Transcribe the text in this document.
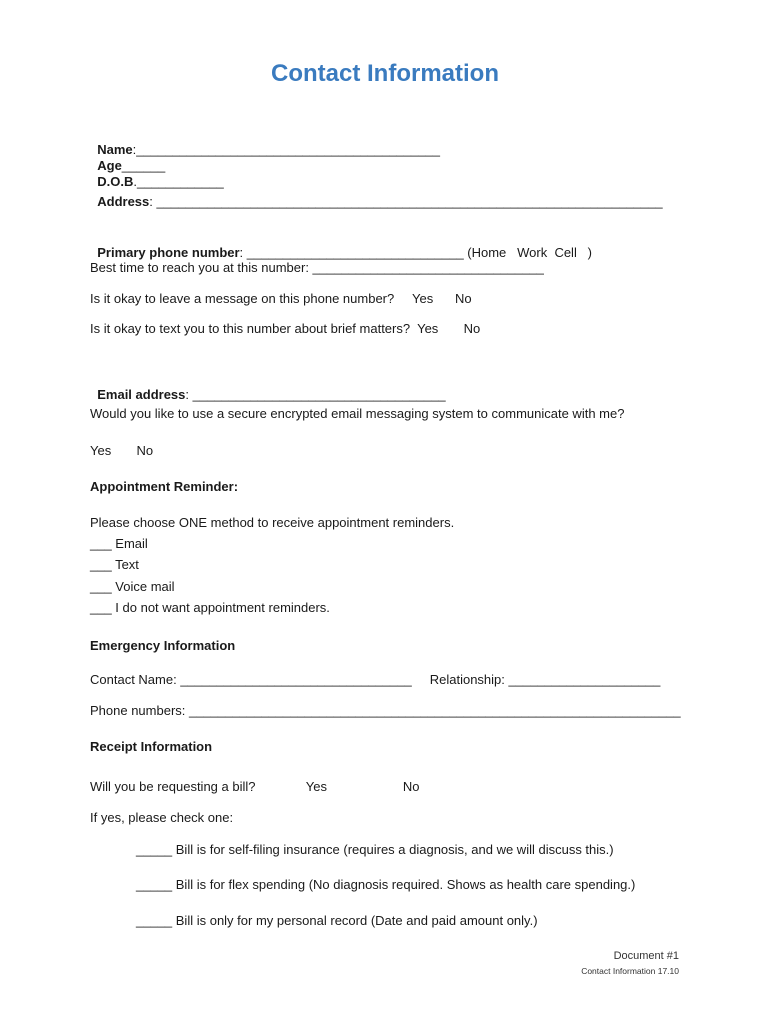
Contact Information

Name:__________________________________________
Age______
D.O.B.____________

Address: ______________________________________________________________________

Primary phone number: ______________________________ (Home   Work  Cell   )

Best time to reach you at this number: ________________________________
Is it okay to leave a message on this phone number?     Yes      No
Is it okay to text you to this number about brief matters?  Yes       No

Email address: ___________________________________

Would you like to use a secure encrypted email messaging system to communicate with me?
Yes       No
Appointment Reminder:
Please choose ONE method to receive appointment reminders.
___ Email
___ Text
___ Voice mail
___ I do not want appointment reminders.
Emergency Information
Contact Name: ________________________________     Relationship: _____________________
Phone numbers: ____________________________________________________________________
Receipt Information
Will you be requesting a bill?              Yes                     No
If yes, please check one:
_____ Bill is for self-filing insurance (requires a diagnosis, and we will discuss this.)
_____ Bill is for flex spending (No diagnosis required. Shows as health care spending.)
_____ Bill is only for my personal record (Date and paid amount only.)
Document #1
Contact Information 17.10
